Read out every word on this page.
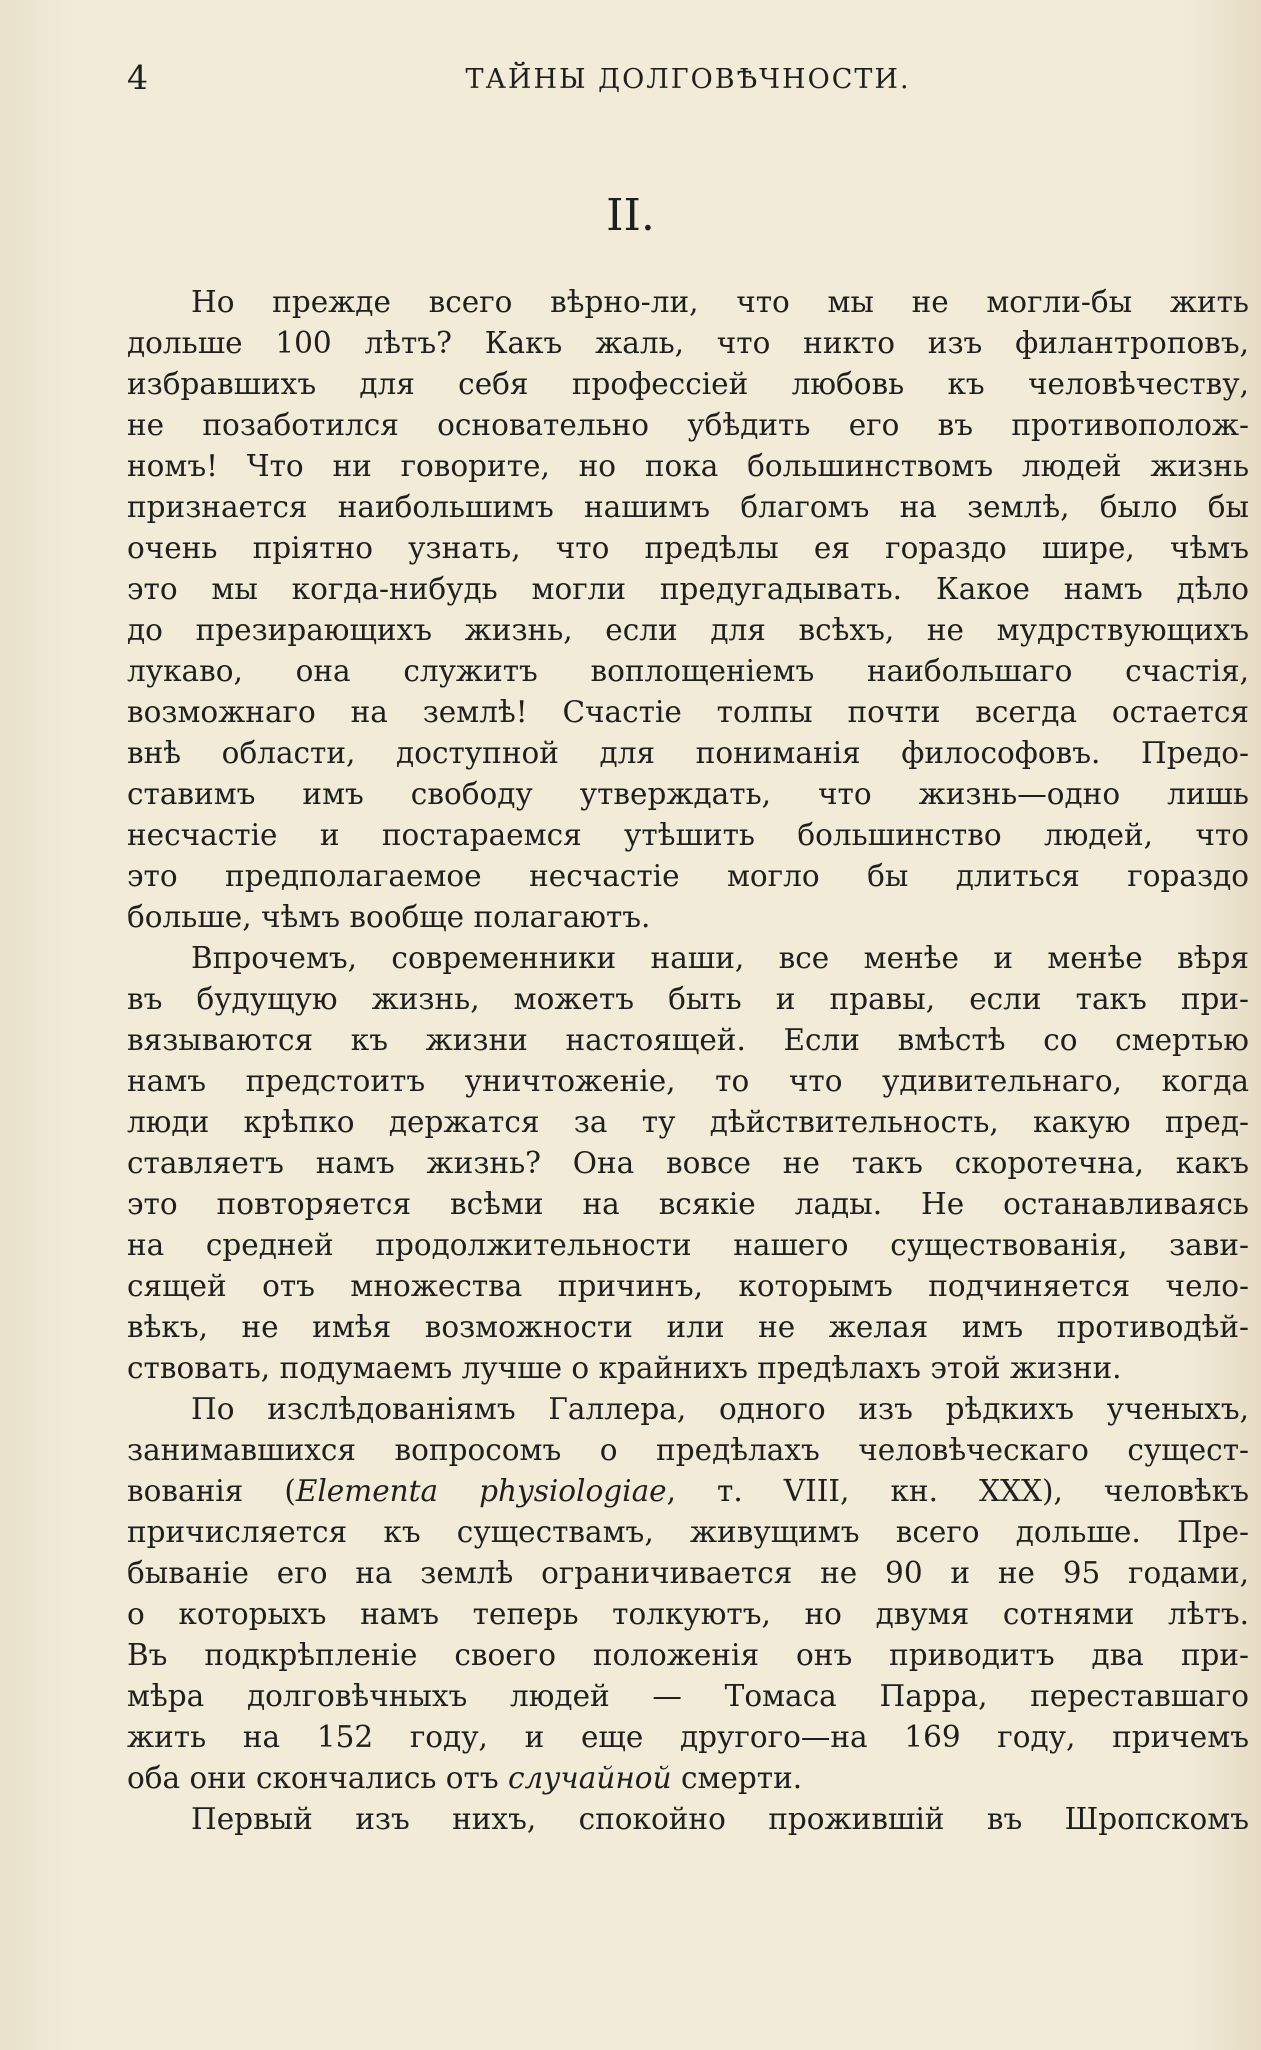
4	ТАЙНЫ ДОЛГОВѢЧНОСТИ.
II.
Но прежде всего вѣрно-ли, что мы не могли-бы жить
дольше 100 лѣтъ? Какъ жаль, что никто изъ филантроповъ,
избравшихъ для себя профессіей любовь къ человѣчеству,
не позаботился основательно убѣдить его въ противополож-
номъ! Что ни говорите, но пока большинствомъ людей жизнь
признается наибольшимъ нашимъ благомъ на землѣ, было бы
очень пріятно узнать, что предѣлы ея гораздо шире, чѣмъ
это мы когда-нибудь могли предугадывать. Какое намъ дѣло
до презирающихъ жизнь, если для всѣхъ, не мудрствующихъ
лукаво, она служитъ воплощеніемъ наибольшаго счастія,
возможнаго на землѣ! Счастіе толпы почти всегда остается
внѣ области, доступной для пониманія философовъ. Предо-
ставимъ имъ свободу утверждать, что жизнь—одно лишь
несчастіе и постараемся утѣшить большинство людей, что
это предполагаемое несчастіе могло бы длиться гораздо
больше, чѣмъ вообще полагаютъ.
Впрочемъ, современники наши, все менѣе и менѣе вѣря
въ будущую жизнь, можетъ быть и правы, если такъ при-
вязываются къ жизни настоящей. Если вмѣстѣ со смертью
намъ предстоитъ уничтоженіе, то что удивительнаго, когда
люди крѣпко держатся за ту дѣйствительность, какую пред-
ставляетъ намъ жизнь? Она вовсе не такъ скоротечна, какъ
это повторяется всѣми на всякіе лады. Не останавливаясь
на средней продолжительности нашего существованія, зави-
сящей отъ множества причинъ, которымъ подчиняется чело-
вѣкъ, не имѣя возможности или не желая имъ противодѣй-
ствовать, подумаемъ лучше о крайнихъ предѣлахъ этой жизни.
По изслѣдованіямъ Галлера, одного изъ рѣдкихъ ученыхъ,
занимавшихся вопросомъ о предѣлахъ человѣческаго сущест-
вованія (Elementa physiologiae, т. VIII, кн. XXX), человѣкъ
причисляется къ существамъ, живущимъ всего дольше. Пре-
бываніе его на землѣ ограничивается не 90 и не 95 годами,
о которыхъ намъ теперь толкуютъ, но двумя сотнями лѣтъ.
Въ подкрѣпленіе своего положенія онъ приводитъ два при-
мѣра долговѣчныхъ людей — Томаса Парра, переставшаго
жить на 152 году, и еще другого—на 169 году, причемъ
оба они скончались отъ случайной смерти.
Первый изъ нихъ, спокойно прожившій въ Шропскомъ
